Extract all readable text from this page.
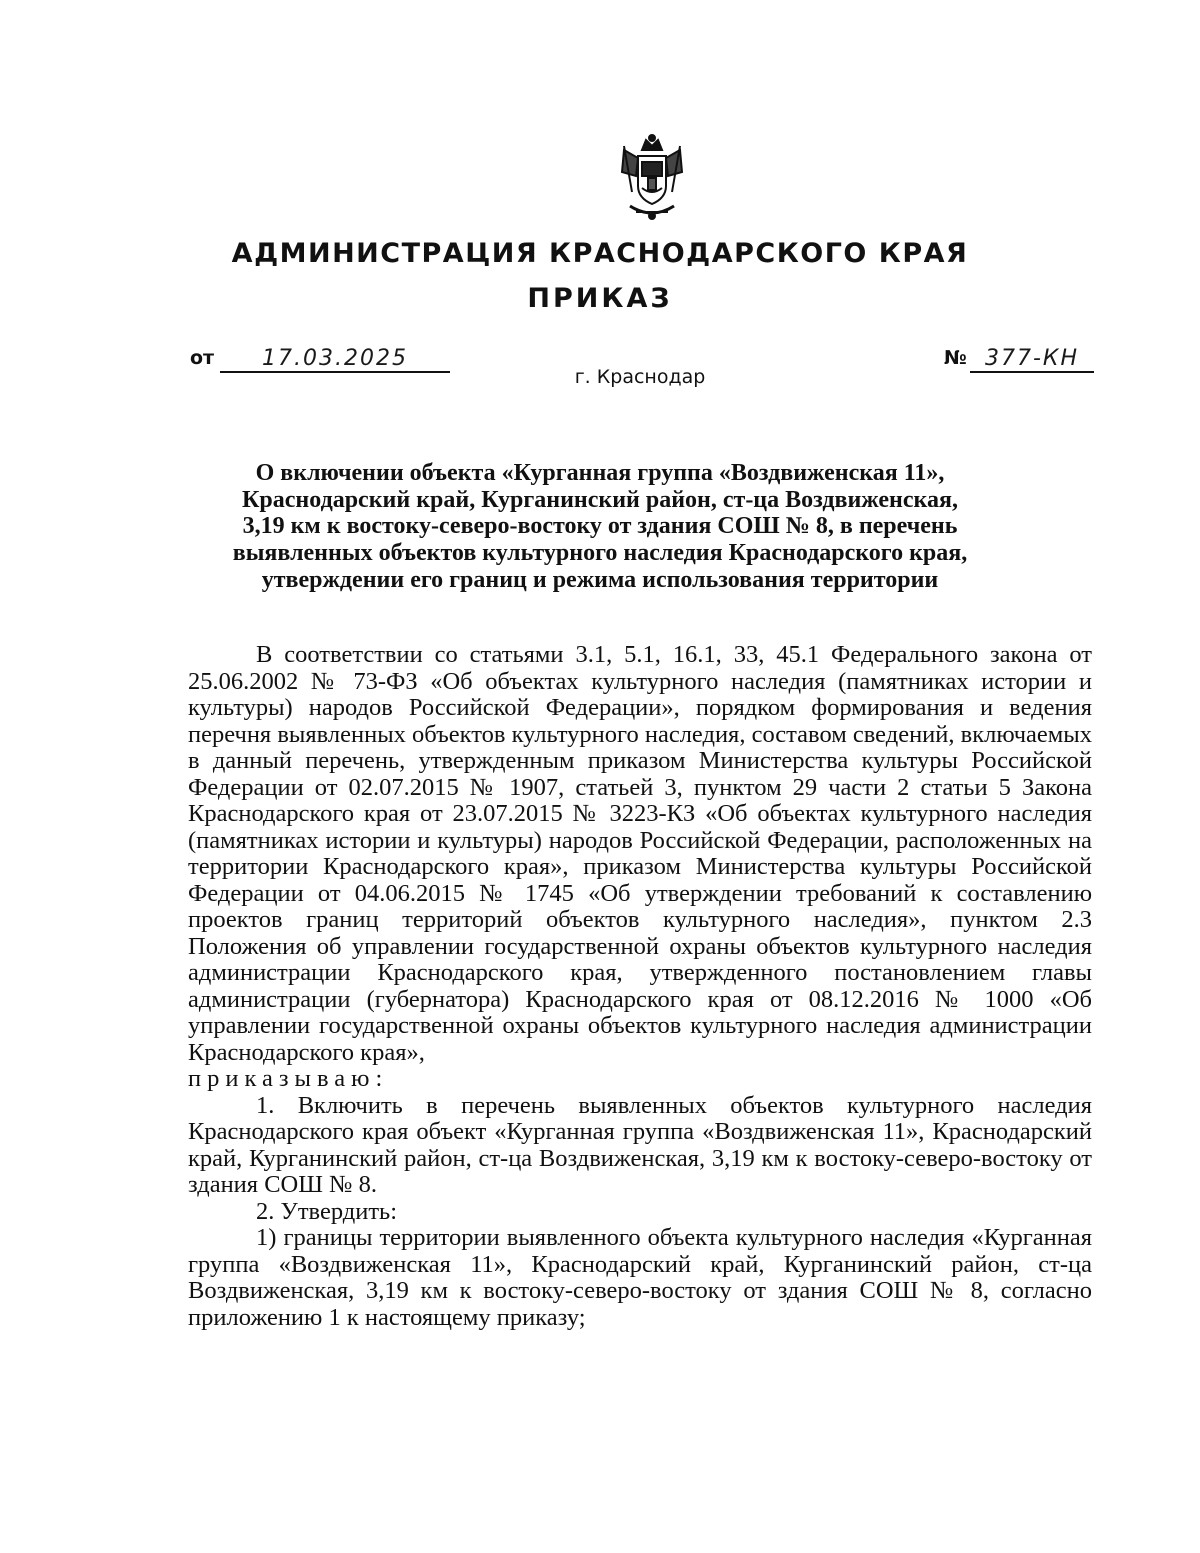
АДМИНИСТРАЦИЯ КРАСНОДАРСКОГО КРАЯ
ПРИКАЗ
от	17.03.2025	№ 377-КН
г. Краснодар
О включении объекта «Курганная группа «Воздвиженская 11»,
Краснодарский край, Курганинский район, ст-ца Воздвиженская,
3,19 км к востоку-северо-востоку от здания СОШ № 8, в перечень
выявленных объектов культурного наследия Краснодарского края,
утверждении его границ и режима использования территории

В соответствии со статьями 3.1, 5.1, 16.1, 33, 45.1 Федерального закона от 25.06.2002 № 73-ФЗ «Об объектах культурного наследия (памятниках истории и культуры) народов Российской Федерации», порядком формирования и ведения перечня выявленных объектов культурного наследия, составом сведений, включаемых в данный перечень, утвержденным приказом Министерства культуры Российской Федерации от 02.07.2015 № 1907, статьей 3, пунктом 29 части 2 статьи 5 Закона Краснодарского края от 23.07.2015 № 3223-КЗ «Об объектах культурного наследия (памятниках истории и культуры) народов Российской Федерации, расположенных на территории Краснодарского края», приказом Министерства культуры Российской Федерации от 04.06.2015 № 1745 «Об утверждении требований к составлению проектов границ территорий объектов культурного наследия», пунктом 2.3 Положения об управлении государственной охраны объектов культурного наследия администрации Краснодарского края, утвержденного постановлением главы администрации (губернатора) Краснодарского края от 08.12.2016 № 1000 «Об управлении государственной охраны объектов культурного наследия администрации Краснодарского края»,

приказываю:

1. Включить в перечень выявленных объектов культурного наследия Краснодарского края объект «Курганная группа «Воздвиженская 11», Краснодарский край, Курганинский район, ст-ца Воздвиженская, 3,19 км к востоку-северо-востоку от здания СОШ № 8.

2. Утвердить:

1) границы территории выявленного объекта культурного наследия «Курганная группа «Воздвиженская 11», Краснодарский край, Курганинский район, ст-ца Воздвиженская, 3,19 км к востоку-северо-востоку от здания СОШ № 8, согласно приложению 1 к настоящему приказу;
